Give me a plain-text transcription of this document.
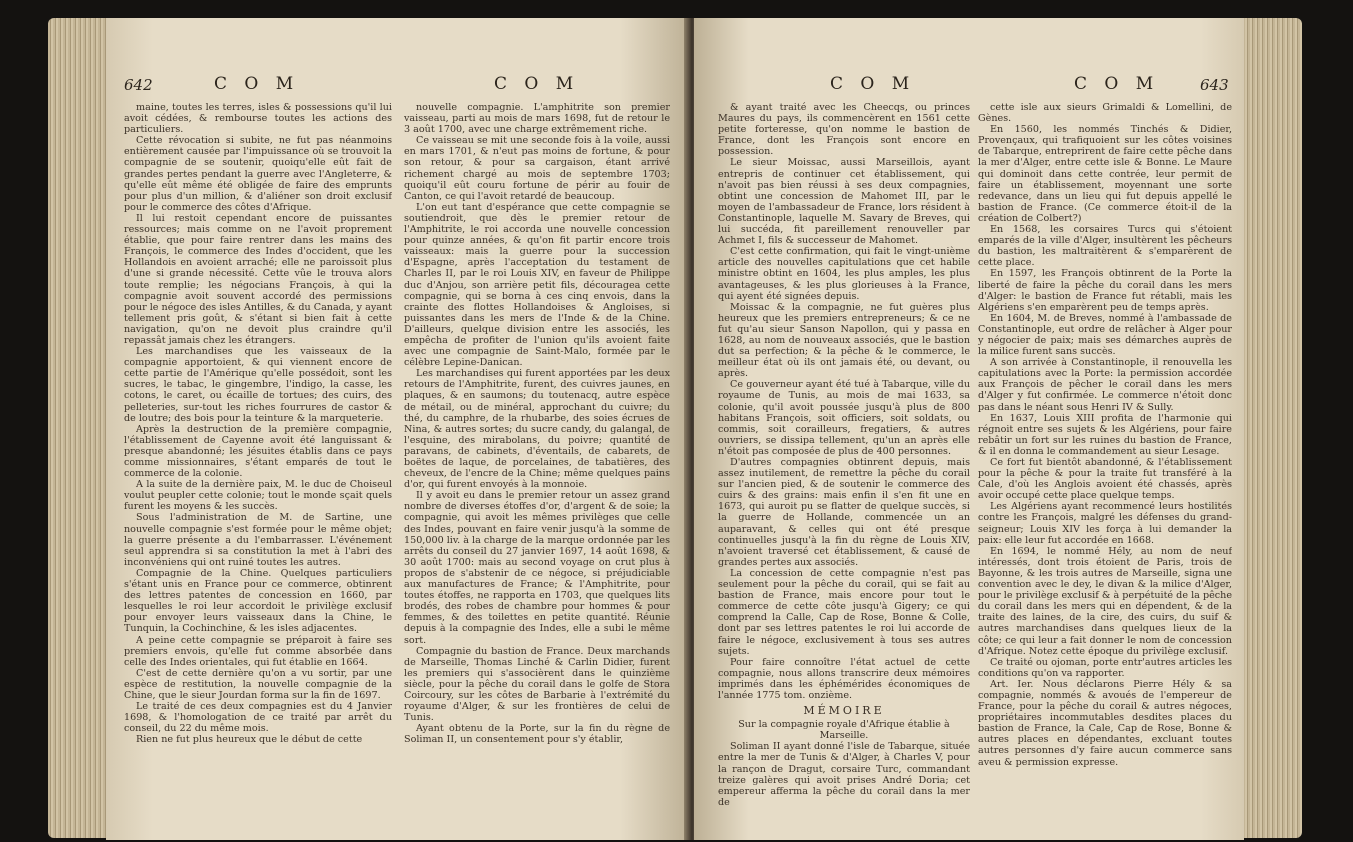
642	C O M	C O M

maine, toutes les terres, isles & possessions qu'il lui avoit cédées, & rembourse toutes les actions des particuliers.

Cette révocation si subite, ne fut pas néanmoins entièrement causée par l'impuissance où se trouvoit la compagnie de se soutenir, quoiqu'elle eût fait de grandes pertes pendant la guerre avec l'Angleterre, & qu'elle eût même été obligée de faire des emprunts pour plus d'un million, & d'aliéner son droit exclusif pour le commerce des côtes d'Afrique.

Il lui restoit cependant encore de puissantes ressources; mais comme on ne l'avoit proprement établie, que pour faire rentrer dans les mains des François, le commerce des Indes d'occident, que les Hollandois en avoient arraché; elle ne paroissoit plus d'une si grande nécessité. Cette vûe le trouva alors toute remplie; les négocians François, à qui la compagnie avoit souvent accordé des permissions pour le négoce des isles Antilles, & du Canada, y ayant tellement pris goût, & s'étant si bien fait à cette navigation, qu'on ne devoit plus craindre qu'il repassât jamais chez les étrangers.

Les marchandises que les vaisseaux de la compagnie apportoient, & qui viennent encore de cette partie de l'Amérique qu'elle possédoit, sont les sucres, le tabac, le gingembre, l'indigo, la casse, les cotons, le caret, ou écaille de tortues; des cuirs, des pelleteries, sur-tout les riches fourrures de castor & de loutre; des bois pour la teinture & la marqueterie.

Après la destruction de la première compagnie, l'établissement de Cayenne avoit été languissant & presque abandonné; les jésuites établis dans ce pays comme missionnaires, s'étant emparés de tout le commerce de la colonie.

A la suite de la dernière paix, M. le duc de Choiseul voulut peupler cette colonie; tout le monde sçait quels furent les moyens & les succès.

Sous l'administration de M. de Sartine, une nouvelle compagnie s'est formée pour le même objet; la guerre présente a du l'embarrasser. L'événement seul apprendra si sa constitution la met à l'abri des inconvéniens qui ont ruiné toutes les autres.

Compagnie de la Chine. Quelques particuliers s'étant unis en France pour ce commerce, obtinrent des lettres patentes de concession en 1660, par lesquelles le roi leur accordoit le privilège exclusif pour envoyer leurs vaisseaux dans la Chine, le Tunquin, la Cochinchine, & les isles adjacentes.

A peine cette compagnie se préparoit à faire ses premiers envois, qu'elle fut comme absorbée dans celle des Indes orientales, qui fut établie en 1664.

C'est de cette dernière qu'on a vu sortir, par une espèce de restitution, la nouvelle compagnie de la Chine, que le sieur Jourdan forma sur la fin de 1697.

Le traité de ces deux compagnies est du 4 Janvier 1698, & l'homologation de ce traité par arrêt du conseil, du 22 du même mois.

Rien ne fut plus heureux que le début de cette

nouvelle compagnie. L'amphitrite son premier vaisseau, parti au mois de mars 1698, fut de retour le 3 août 1700, avec une charge extrêmement riche.

Ce vaisseau se mit une seconde fois à la voile, aussi en mars 1701, & n'eut pas moins de fortune, & pour son retour, & pour sa cargaison, étant arrivé richement chargé au mois de septembre 1703; quoiqu'il eût couru fortune de périr au fouir de Canton, ce qui l'avoit retardé de beaucoup.

L'on eut tant d'espérance que cette compagnie se soutiendroit, que dès le premier retour de l'Amphitrite, le roi accorda une nouvelle concession pour quinze années, & qu'on fit partir encore trois vaisseaux: mais la guerre pour la succession d'Espagne, après l'acceptation du testament de Charles II, par le roi Louis XIV, en faveur de Philippe duc d'Anjou, son arrière petit fils, découragea cette compagnie, qui se borna à ces cinq envois, dans la crainte des flottes Hollandoises & Angloises, si puissantes dans les mers de l'Inde & de la Chine. D'ailleurs, quelque division entre les associés, les empêcha de profiter de l'union qu'ils avoient faite avec une compagnie de Saint-Malo, formée par le célèbre Lepine-Danican.

Les marchandises qui furent apportées par les deux retours de l'Amphitrite, furent, des cuivres jaunes, en plaques, & en saumons; du toutenacq, autre espèce de métail, ou de minéral, approchant du cuivre; du thé, du camphre, de la rhubarbe, des soies écrues de Nina, & autres sortes; du sucre candy, du galangal, de l'esquine, des mirabolans, du poivre; quantité de paravans, de cabinets, d'éventails, de cabarets, de boëtes de laque, de porcelaines, de tabatières, des cheveux, de l'encre de la Chine; même quelques pains d'or, qui furent envoyés à la monnoie.

Il y avoit eu dans le premier retour un assez grand nombre de diverses étoffes d'or, d'argent & de soie; la compagnie, qui avoit les mêmes privilèges que celle des Indes, pouvant en faire venir jusqu'à la somme de 150,000 liv. à la charge de la marque ordonnée par les arrêts du conseil du 27 janvier 1697, 14 août 1698, & 30 août 1700: mais au second voyage on crut plus à propos de s'abstenir de ce négoce, si préjudiciable aux manufactures de France; & l'Amphitrite, pour toutes étoffes, ne rapporta en 1703, que quelques lits brodés, des robes de chambre pour hommes & pour femmes, & des toilettes en petite quantité. Réunie depuis à la compagnie des Indes, elle a subi le même sort.

Compagnie du bastion de France. Deux marchands de Marseille, Thomas Linché & Carlin Didier, furent les premiers qui s'associèrent dans le quinzième siècle, pour la pêche du corail dans le golfe de Stora Coircoury, sur les côtes de Barbarie à l'extrémité du royaume d'Alger, & sur les frontières de celui de Tunis.

Ayant obtenu de la Porte, sur la fin du règne de Soliman II, un consentement pour s'y établir,

C O M	C O M	643

& ayant traité avec les Cheecqs, ou princes Maures du pays, ils commencèrent en 1561 cette petite forteresse, qu'on nomme le bastion de France, dont les François sont encore en possession.

Le sieur Moissac, aussi Marseillois, ayant entrepris de continuer cet établissement, qui n'avoit pas bien réussi à ses deux compagnies, obtint une concession de Mahomet III, par le moyen de l'ambassadeur de France, lors résident à Constantinople, laquelle M. Savary de Breves, qui lui succéda, fit pareillement renouveller par Achmet I, fils & successeur de Mahomet.

C'est cette confirmation, qui fait le vingt-unième article des nouvelles capitulations que cet habile ministre obtint en 1604, les plus amples, les plus avantageuses, & les plus glorieuses à la France, qui ayent été signées depuis.

Moissac & la compagnie, ne fut guères plus heureux que les premiers entrepreneurs; & ce ne fut qu'au sieur Sanson Napollon, qui y passa en 1628, au nom de nouveaux associés, que le bastion dut sa perfection; & la pêche & le commerce, le meilleur état où ils ont jamais été, ou devant, ou après.

Ce gouverneur ayant été tué à Tabarque, ville du royaume de Tunis, au mois de mai 1633, sa colonie, qu'il avoit poussée jusqu'à plus de 800 habitans François, soit officiers, soit soldats, ou commis, soit corailleurs, fregatiers, & autres ouvriers, se dissipa tellement, qu'un an après elle n'étoit pas composée de plus de 400 personnes.

D'autres compagnies obtinrent depuis, mais assez inutilement, de remettre la pêche du corail sur l'ancien pied, & de soutenir le commerce des cuirs & des grains: mais enfin il s'en fit une en 1673, qui auroit pu se flatter de quelque succès, si la guerre de Hollande, commencée un an auparavant, & celles qui ont été presque continuelles jusqu'à la fin du règne de Louis XIV, n'avoient traversé cet établissement, & causé de grandes pertes aux associés.

La concession de cette compagnie n'est pas seulement pour la pêche du corail, qui se fait au bastion de France, mais encore pour tout le commerce de cette côte jusqu'à Gigery; ce qui comprend la Calle, Cap de Rose, Bonne & Colle, dont par ses lettres patentes le roi lui accorde de faire le négoce, exclusivement à tous ses autres sujets.

Pour faire connoître l'état actuel de cette compagnie, nous allons transcrire deux mémoires imprimés dans les éphémérides économiques de l'année 1775 tom. onzième.

MÉMOIRE

Sur la compagnie royale d'Afrique établie à Marseille.

Soliman II ayant donné l'isle de Tabarque, située entre la mer de Tunis & d'Alger, à Charles V, pour la rançon de Dragut, corsaire Turc, commandant treize galères qui avoit prises André Doria; cet empereur afferma la pêche du corail dans la mer de

cette isle aux sieurs Grimaldi & Lomellini, de Gènes.

En 1560, les nommés Tinchés & Didier, Provençaux, qui trafiquoient sur les côtes voisines de Tabarque, entreprirent de faire cette pêche dans la mer d'Alger, entre cette isle & Bonne. Le Maure qui dominoit dans cette contrée, leur permit de faire un établissement, moyennant une sorte redevance, dans un lieu qui fut depuis appellé le bastion de France. (Ce commerce étoit-il de la création de Colbert?)

En 1568, les corsaires Turcs qui s'étoient emparés de la ville d'Alger, insultèrent les pêcheurs du bastion, les maltraitèrent & s'emparèrent de cette place.

En 1597, les François obtinrent de la Porte la liberté de faire la pêche du corail dans les mers d'Alger: le bastion de France fut rétabli, mais les Algériens s'en emparèrent peu de temps après.

En 1604, M. de Breves, nommé à l'ambassade de Constantinople, eut ordre de relâcher à Alger pour y négocier de paix; mais ses démarches auprès de la milice furent sans succès.

A son arrivée à Constantinople, il renouvella les capitulations avec la Porte: la permission accordée aux François de pêcher le corail dans les mers d'Alger y fut confirmée. Le commerce n'étoit donc pas dans le néant sous Henri IV & Sully.

En 1637, Louis XIII profita de l'harmonie qui régnoit entre ses sujets & les Algériens, pour faire rebâtir un fort sur les ruines du bastion de France, & il en donna le commandement au sieur Lesage.

Ce fort fut bientôt abandonné, & l'établissement pour la pêche & pour la traite fut transféré à la Cale, d'où les Anglois avoient été chassés, après avoir occupé cette place quelque temps.

Les Algériens ayant recommencé leurs hostilités contre les François, malgré les défenses du grand-seigneur; Louis XIV les força à lui demander la paix: elle leur fut accordée en 1668.

En 1694, le nommé Hély, au nom de neuf intéressés, dont trois étoient de Paris, trois de Bayonne, & les trois autres de Marseille, signa une convention avec le dey, le divan & la milice d'Alger, pour le privilège exclusif & à perpétuité de la pêche du corail dans les mers qui en dépendent, & de la traite des laines, de la cire, des cuirs, du suif & autres marchandises dans quelques lieux de la côte; ce qui leur a fait donner le nom de concession d'Afrique. Notez cette époque du privilège exclusif.

Ce traité ou ojoman, porte entr'autres articles les conditions qu'on va rapporter.

Art. Ier. Nous déclarons Pierre Hély & sa compagnie, nommés & avoués de l'empereur de France, pour la pêche du corail & autres négoces, propriétaires incommutables desdites places du bastion de France, la Cale, Cap de Rose, Bonne & autres places en dépendantes, excluant toutes autres personnes d'y faire aucun commerce sans aveu & permission expresse.
